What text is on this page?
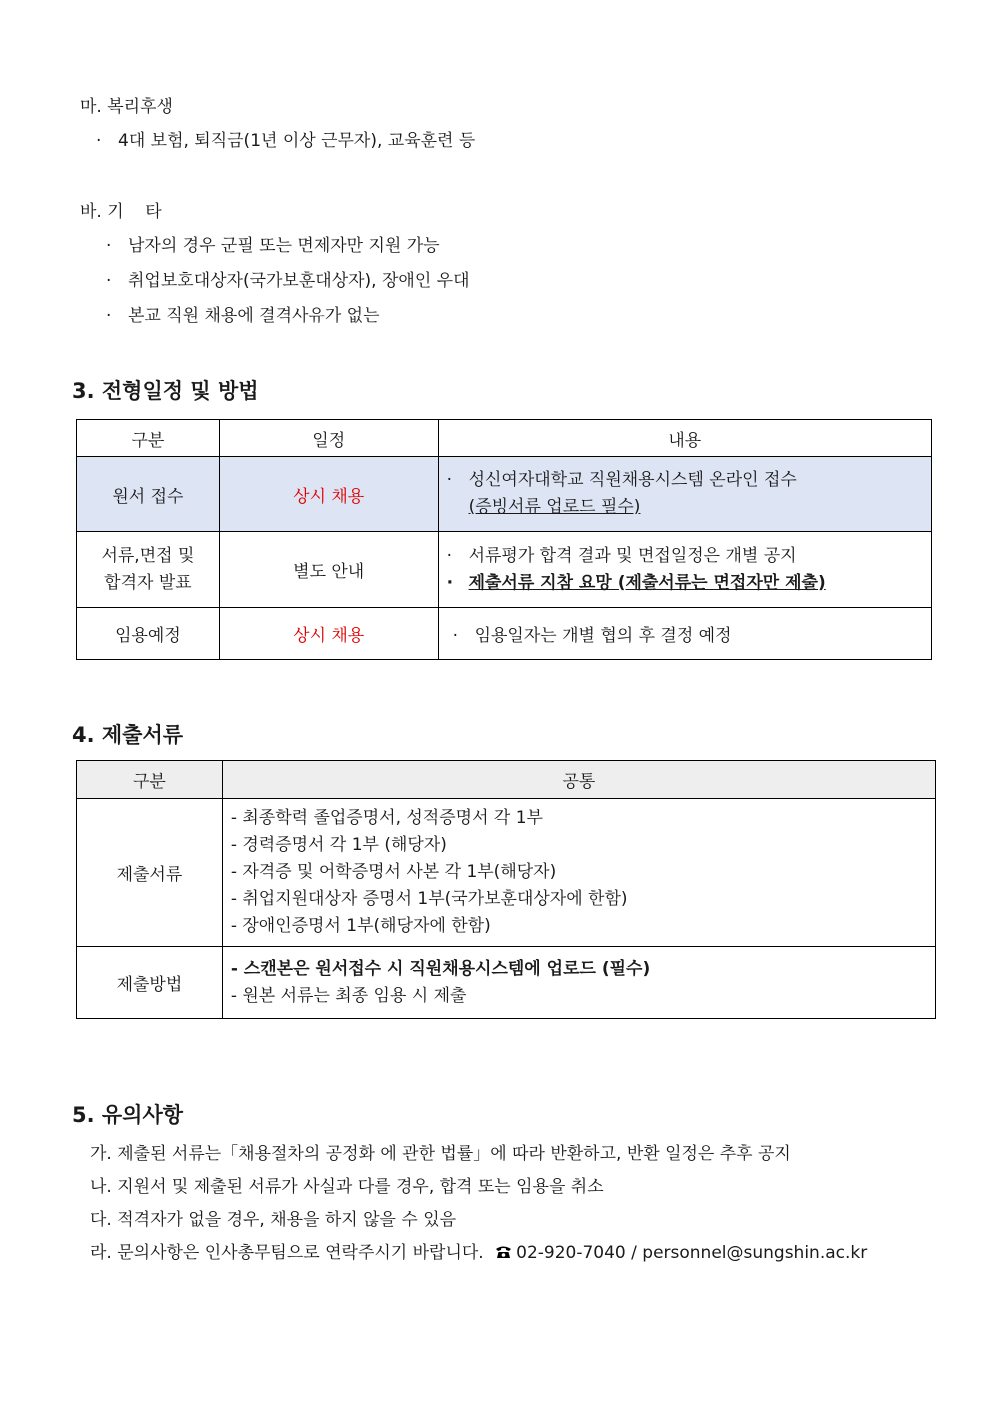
마. 복리후생
· 4대 보험, 퇴직금(1년 이상 근무자), 교육훈련 등
바. 기    타
· 남자의 경우 군필 또는 면제자만 지원 가능
· 취업보호대상자(국가보훈대상자), 장애인 우대
· 본교 직원 채용에 결격사유가 없는
3. 전형일정 및 방법
구분	일정	내용
원서 접수	상시 채용	· 성신여자대학교 직원채용시스템 온라인 접수
(증빙서류 업로드 필수)

서류,면접 및
합격자 발표	별도 안내	· 서류평가 합격 결과 및 면접일정은 개별 공지
· 제출서류 지참 요망 (제출서류는 면접자만 제출)

임용예정	상시 채용	· 임용일자는 개별 협의 후 결정 예정
4. 제출서류
구분	공통
제출서류	- 최종학력 졸업증명서, 성적증명서 각 1부
- 경력증명서 각 1부 (해당자)
- 자격증 및 어학증명서 사본 각 1부(해당자)
- 취업지원대상자 증명서 1부(국가보훈대상자에 한함)
- 장애인증명서 1부(해당자에 한함)

제출방법	- 스캔본은 원서접수 시 직원채용시스템에 업로드 (필수)
- 원본 서류는 최종 임용 시 제출
5. 유의사항
가. 제출된 서류는「채용절차의 공정화 에 관한 법률」에 따라 반환하고, 반환 일정은 추후 공지
나. 지원서 및 제출된 서류가 사실과 다를 경우, 합격 또는 임용을 취소
다. 적격자가 없을 경우, 채용을 하지 않을 수 있음
라. 문의사항은 인사총무팀으로 연락주시기 바랍니다. 02-920-7040 / personnel@sungshin.ac.kr
